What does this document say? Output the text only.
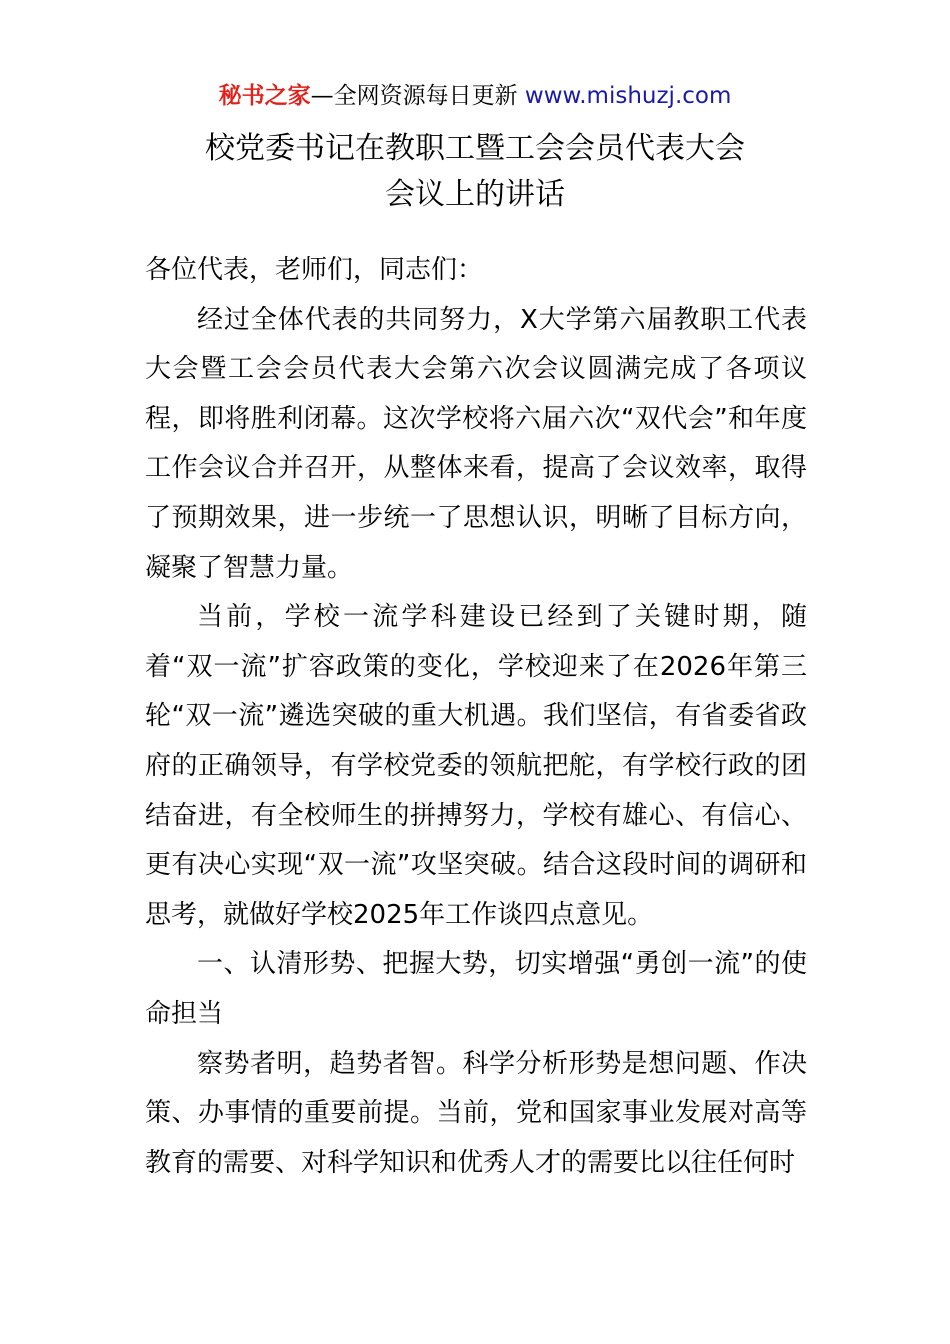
秘书之家—全网资源每日更新 www.mishuzj.com
校党委书记在教职工暨工会会员代表大会
会议上的讲话

各位代表，老师们，同志们：

经过全体代表的共同努力，X大学第六届教职工代表大会暨工会会员代表大会第六次会议圆满完成了各项议程，即将胜利闭幕。这次学校将六届六次“双代会”和年度工作会议合并召开，从整体来看，提高了会议效率，取得了预期效果，进一步统一了思想认识，明晰了目标方向，凝聚了智慧力量。

当前，学校一流学科建设已经到了关键时期，随着“双一流”扩容政策的变化，学校迎来了在2026年第三轮“双一流”遴选突破的重大机遇。我们坚信，有省委省政府的正确领导，有学校党委的领航把舵，有学校行政的团结奋进，有全校师生的拼搏努力，学校有雄心、有信心、更有决心实现“双一流”攻坚突破。结合这段时间的调研和思考，就做好学校2025年工作谈四点意见。

一、认清形势、把握大势，切实增强“勇创一流”的使命担当

察势者明，趋势者智。科学分析形势是想问题、作决策、办事情的重要前提。当前，党和国家事业发展对高等教育的需要、对科学知识和优秀人才的需要比以往任何时
